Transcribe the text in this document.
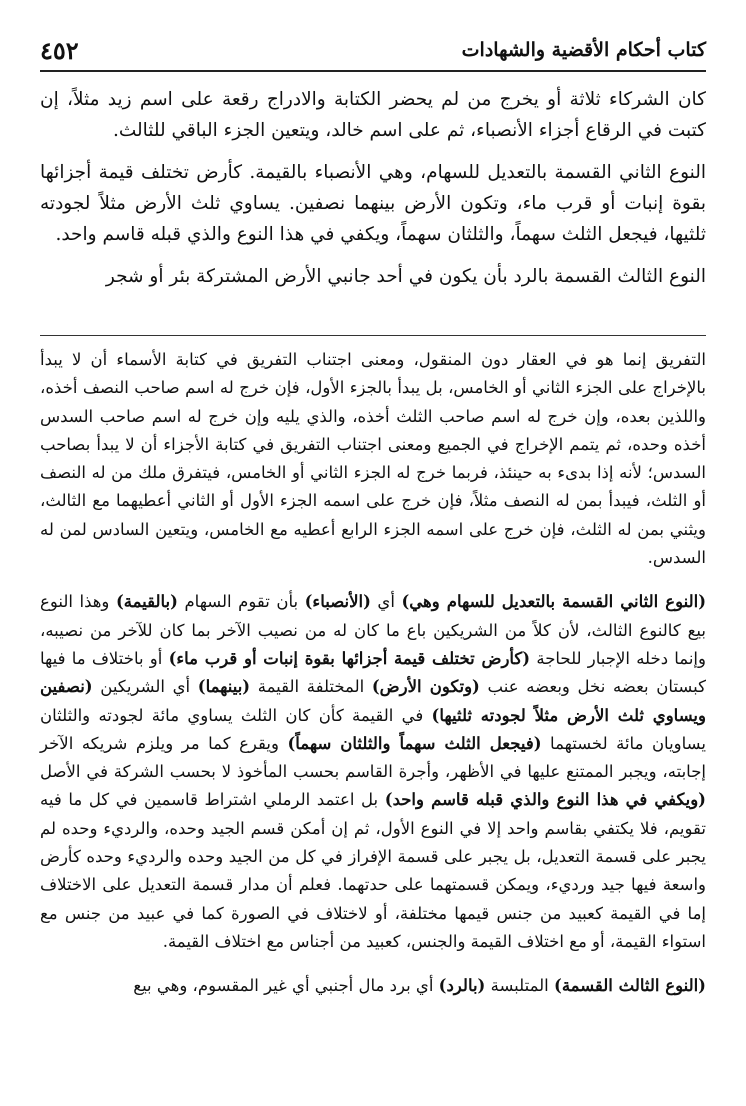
٤٥٢	كتاب أحكام الأقضية والشهادات

كان الشركاء ثلاثة أو يخرج من لم يحضر الكتابة والادراج رقعة على اسم زيد مثلاً، إن كتبت في الرقاع أجزاء الأنصباء، ثم على اسم خالد، ويتعين الجزء الباقي للثالث.

النوع الثاني القسمة بالتعديل للسهام، وهي الأنصباء بالقيمة. كأرض تختلف قيمة أجزائها بقوة إنبات أو قرب ماء، وتكون الأرض بينهما نصفين. يساوي ثلث الأرض مثلاً لجودته ثلثيها، فيجعل الثلث سهماً، والثلثان سهماً، ويكفي في هذا النوع والذي قبله قاسم واحد.

النوع الثالث القسمة بالرد بأن يكون في أحد جانبي الأرض المشتركة بئر أو شجر

التفريق إنما هو في العقار دون المنقول، ومعنى اجتناب التفريق في كتابة الأسماء أن لا يبدأ بالإخراج على الجزء الثاني أو الخامس، بل يبدأ بالجزء الأول، فإن خرج له اسم صاحب النصف أخذه، واللذين بعده، وإن خرج له اسم صاحب الثلث أخذه، والذي يليه وإن خرج له اسم صاحب السدس أخذه وحده، ثم يتمم الإخراج في الجميع ومعنى اجتناب التفريق في كتابة الأجزاء أن لا يبدأ بصاحب السدس؛ لأنه إذا بدىء به حينئذ، فربما خرج له الجزء الثاني أو الخامس، فيتفرق ملك من له النصف أو الثلث، فيبدأ بمن له النصف مثلاً، فإن خرج على اسمه الجزء الأول أو الثاني أعطيهما مع الثالث، ويثني بمن له الثلث، فإن خرج على اسمه الجزء الرابع أعطيه مع الخامس، ويتعين السادس لمن له السدس.

(النوع الثاني القسمة بالتعديل للسهام وهي) أي (الأنصباء) بأن تقوم السهام (بالقيمة) وهذا النوع بيع كالنوع الثالث، لأن كلاً من الشريكين باع ما كان له من نصيب الآخر بما كان للآخر من نصيبه، وإنما دخله الإجبار للحاجة (كأرض تختلف قيمة أجزائها بقوة إنبات أو قرب ماء) أو باختلاف ما فيها كبستان بعضه نخل وبعضه عنب (وتكون الأرض) المختلفة القيمة (بينهما) أي الشريكين (نصفين ويساوي ثلث الأرض مثلاً لجودته ثلثيها) في القيمة كأن كان الثلث يساوي مائة لجودته والثلثان يساويان مائة لخستهما (فيجعل الثلث سهماً والثلثان سهماً) ويقرع كما مر ويلزم شريكه الآخر إجابته، ويجبر الممتنع عليها في الأظهر، وأجرة القاسم بحسب المأخوذ لا بحسب الشركة في الأصل (ويكفي في هذا النوع والذي قبله قاسم واحد) بل اعتمد الرملي اشتراط قاسمين في كل ما فيه تقويم، فلا يكتفي بقاسم واحد إلا في النوع الأول، ثم إن أمكن قسم الجيد وحده، والرديء وحده لم يجبر على قسمة التعديل، بل يجبر على قسمة الإفراز في كل من الجيد وحده والرديء وحده كأرض واسعة فيها جيد ورديء، ويمكن قسمتهما على حدتهما. فعلم أن مدار قسمة التعديل على الاختلاف إما في القيمة كعبيد من جنس قيمها مختلفة، أو لاختلاف في الصورة كما في عبيد من جنس مع استواء القيمة، أو مع اختلاف القيمة والجنس، كعبيد من أجناس مع اختلاف القيمة.

(النوع الثالث القسمة) المتلبسة (بالرد) أي برد مال أجنبي أي غير المقسوم، وهي بيع
